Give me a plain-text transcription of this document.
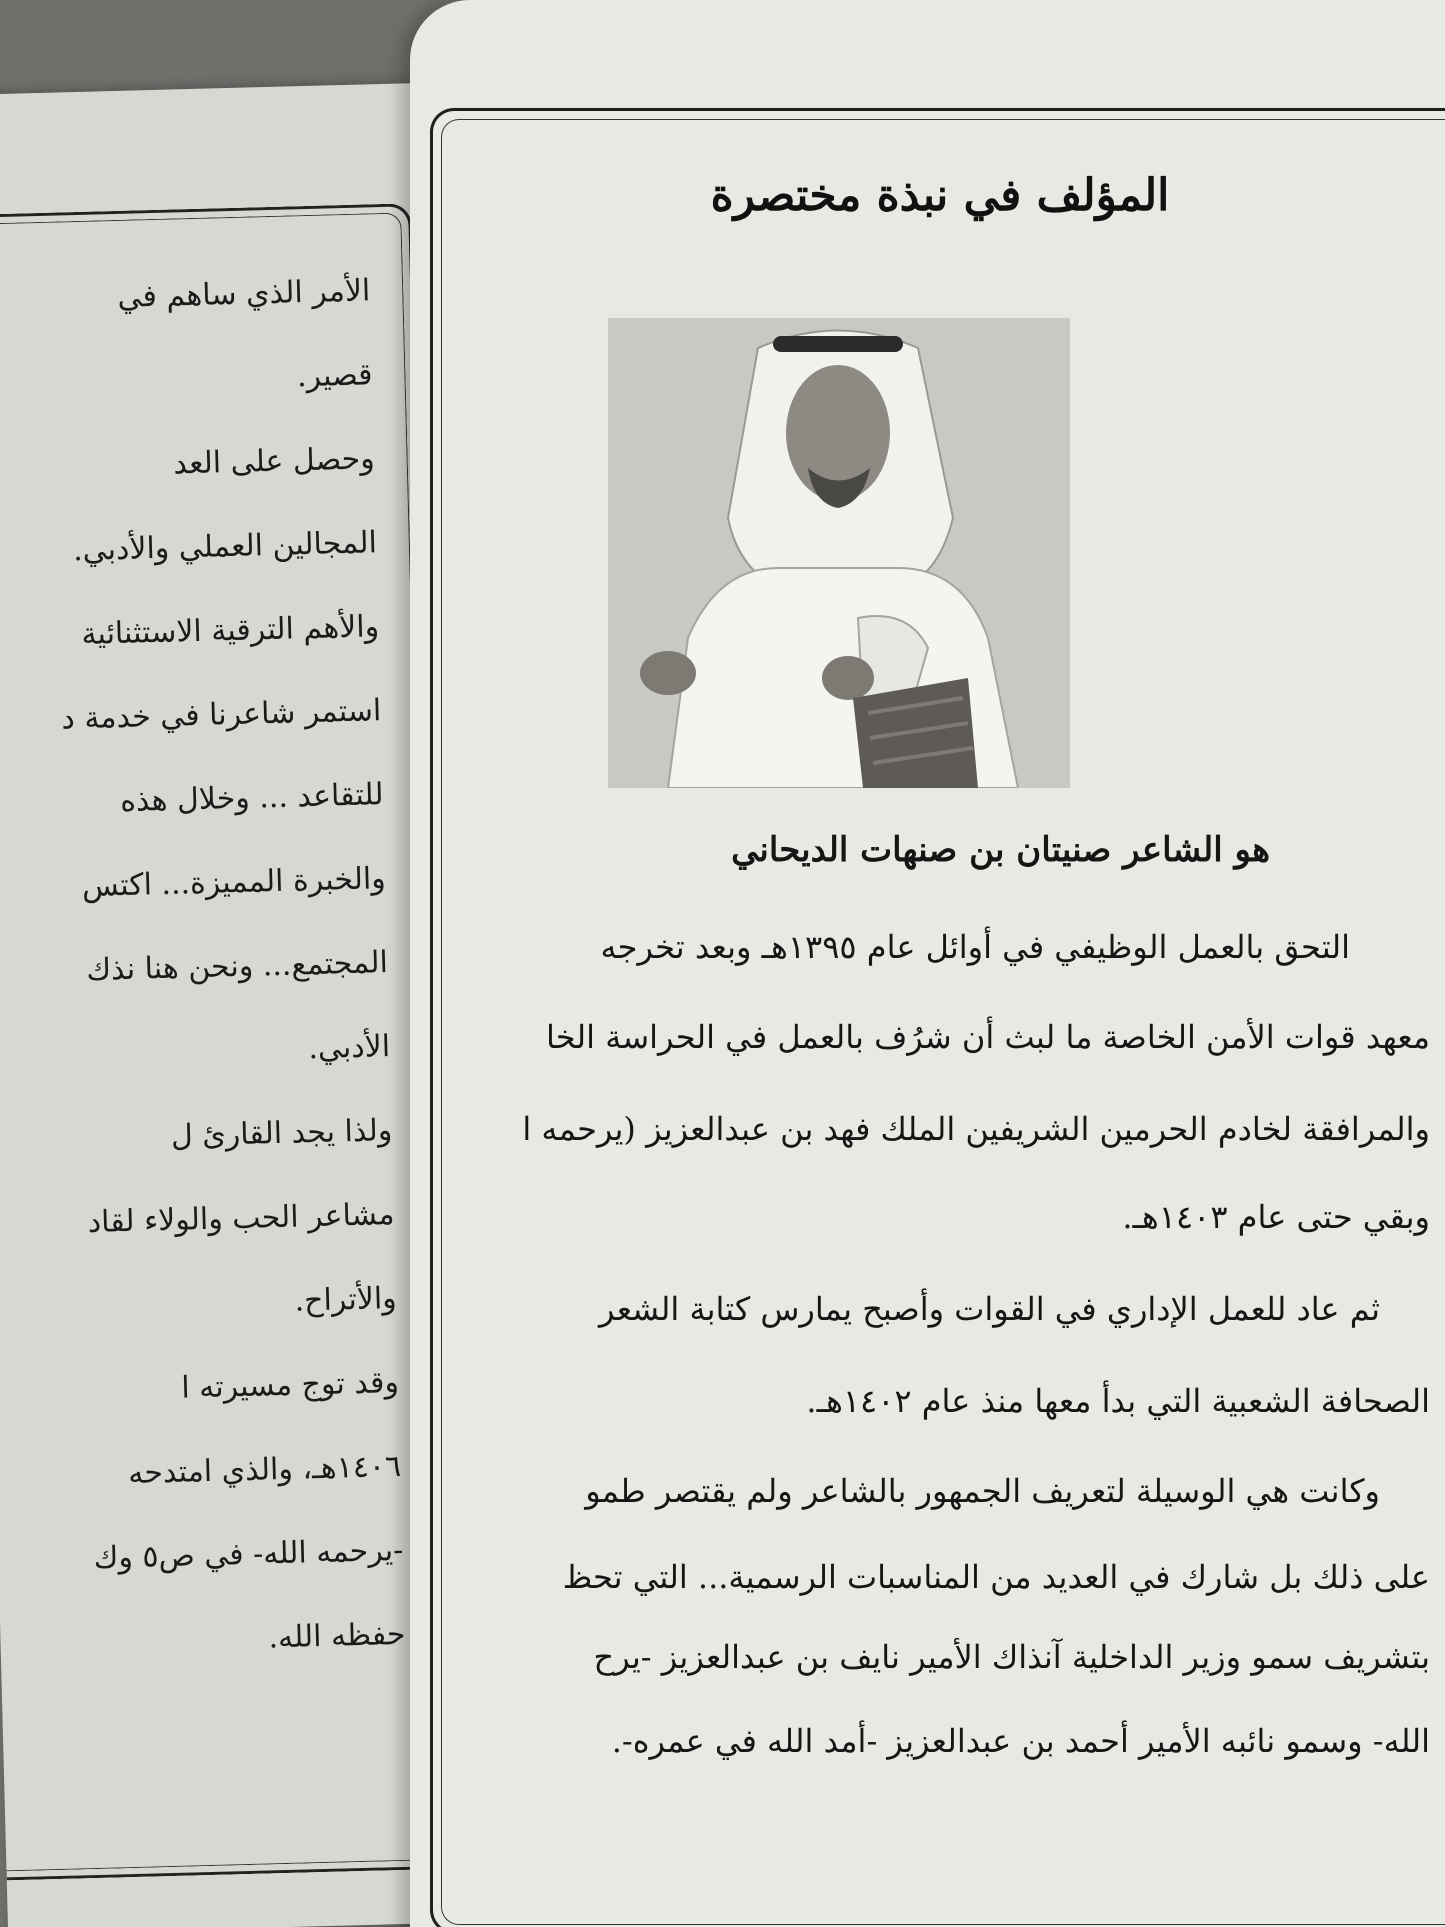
الأمر الذي ساهم في
قصير.
وحصل على العد
المجالين العملي والأدبي.
والأهم الترقية الاستثنائية
استمر شاعرنا في خدمة د
للتقاعد ... وخلال هذه
والخبرة المميزة... اكتس
المجتمع... ونحن هنا نذك
الأدبي.
ولذا يجد القارئ ل
مشاعر الحب والولاء لقاد
والأتراح.
وقد توج مسيرته ا
١٤٠٦هـ، والذي امتدحه
-يرحمه الله- في ص٥ وك
حفظه الله.
المؤلف في نبذة مختصرة
هو الشاعر صنيتان بن صنهات الديحاني
التحق بالعمل الوظيفي في أوائل عام ١٣٩٥هـ وبعد تخرجه
معهد قوات الأمن الخاصة ما لبث أن شرُف بالعمل في الحراسة الخا
والمرافقة لخادم الحرمين الشريفين الملك فهد بن عبدالعزيز (يرحمه ا
وبقي حتى عام ١٤٠٣هـ.
ثم عاد للعمل الإداري في القوات وأصبح يمارس كتابة الشعر
الصحافة الشعبية التي بدأ معها منذ عام ١٤٠٢هـ.
وكانت هي الوسيلة لتعريف الجمهور بالشاعر ولم يقتصر طمو
على ذلك بل شارك في العديد من المناسبات الرسمية... التي تحظ
بتشريف سمو وزير الداخلية آنذاك الأمير نايف بن عبدالعزيز -يرح
الله- وسمو نائبه الأمير أحمد بن عبدالعزيز -أمد الله في عمره-.
